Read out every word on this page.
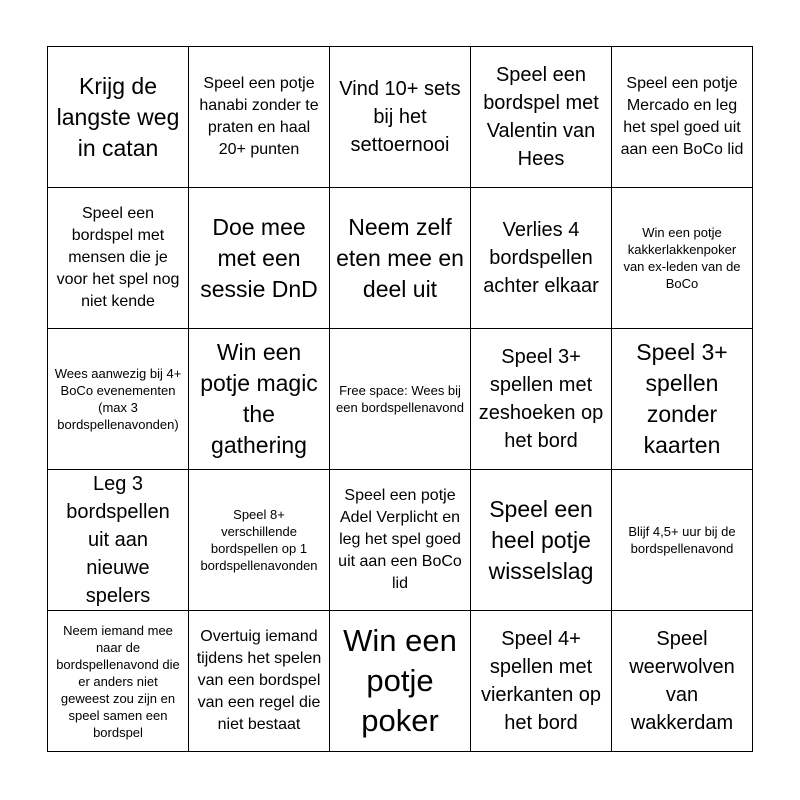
Krijg de langste weg in catan
Speel een potje hanabi zonder te praten en haal 20+ punten
Vind 10+ sets bij het settoernooi
Speel een bordspel met Valentin van Hees
Speel een potje Mercado en leg het spel goed uit aan een BoCo lid
Speel een bordspel met mensen die je voor het spel nog niet kende
Doe mee met een sessie DnD
Neem zelf eten mee en deel uit
Verlies 4 bordspellen achter elkaar
Win een potje kakkerlakkenpoker van ex-leden van de BoCo
Wees aanwezig bij 4+ BoCo evenementen (max 3 bordspellenavonden)
Win een potje magic the gathering
Free space: Wees bij een bordspellenavond
Speel 3+ spellen met zeshoeken op het bord
Speel 3+ spellen zonder kaarten
Leg 3 bordspellen uit aan nieuwe spelers
Speel 8+ verschillende bordspellen op 1 bordspellenavonden
Speel een potje Adel Verplicht en leg het spel goed uit aan een BoCo lid
Speel een heel potje wisselslag
Blijf 4,5+ uur bij de bordspellenavond
Neem iemand mee naar de bordspellenavond die er anders niet geweest zou zijn en speel samen een bordspel
Overtuig iemand tijdens het spelen van een bordspel van een regel die niet bestaat
Win een potje poker
Speel 4+ spellen met vierkanten op het bord
Speel weerwolven van wakkerdam
